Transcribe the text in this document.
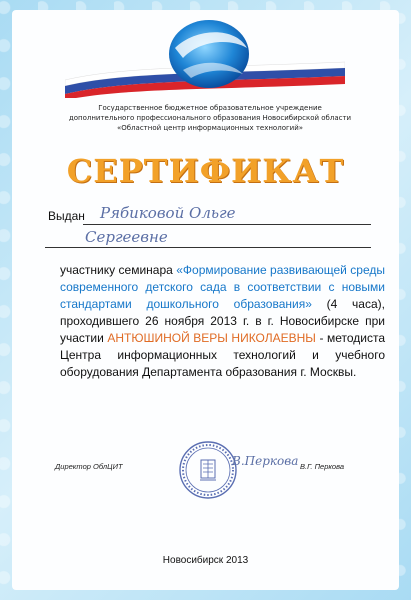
Государственное бюджетное образовательное учреждение
дополнительного профессионального образования Новосибирской области
«Областной центр информационных технологий»
СЕРТИФИКАТ
Выдан Рябиковой Ольге
Сергеевне
участнику семинара «Формирование развивающей среды современного детского сада в соответствии с новыми стандартами дошкольного образования» (4 часа), проходившего 26 ноября 2013 г. в г. Новосибирске при участии АНТЮШИНОЙ ВЕРЫ НИКОЛАЕВНЫ - методиста Центра информационных технологий и учебного оборудования Департамента образования г. Москвы.
Директор ОблЦИТ	В.Перкова В.Г. Перкова
Новосибирск 2013
